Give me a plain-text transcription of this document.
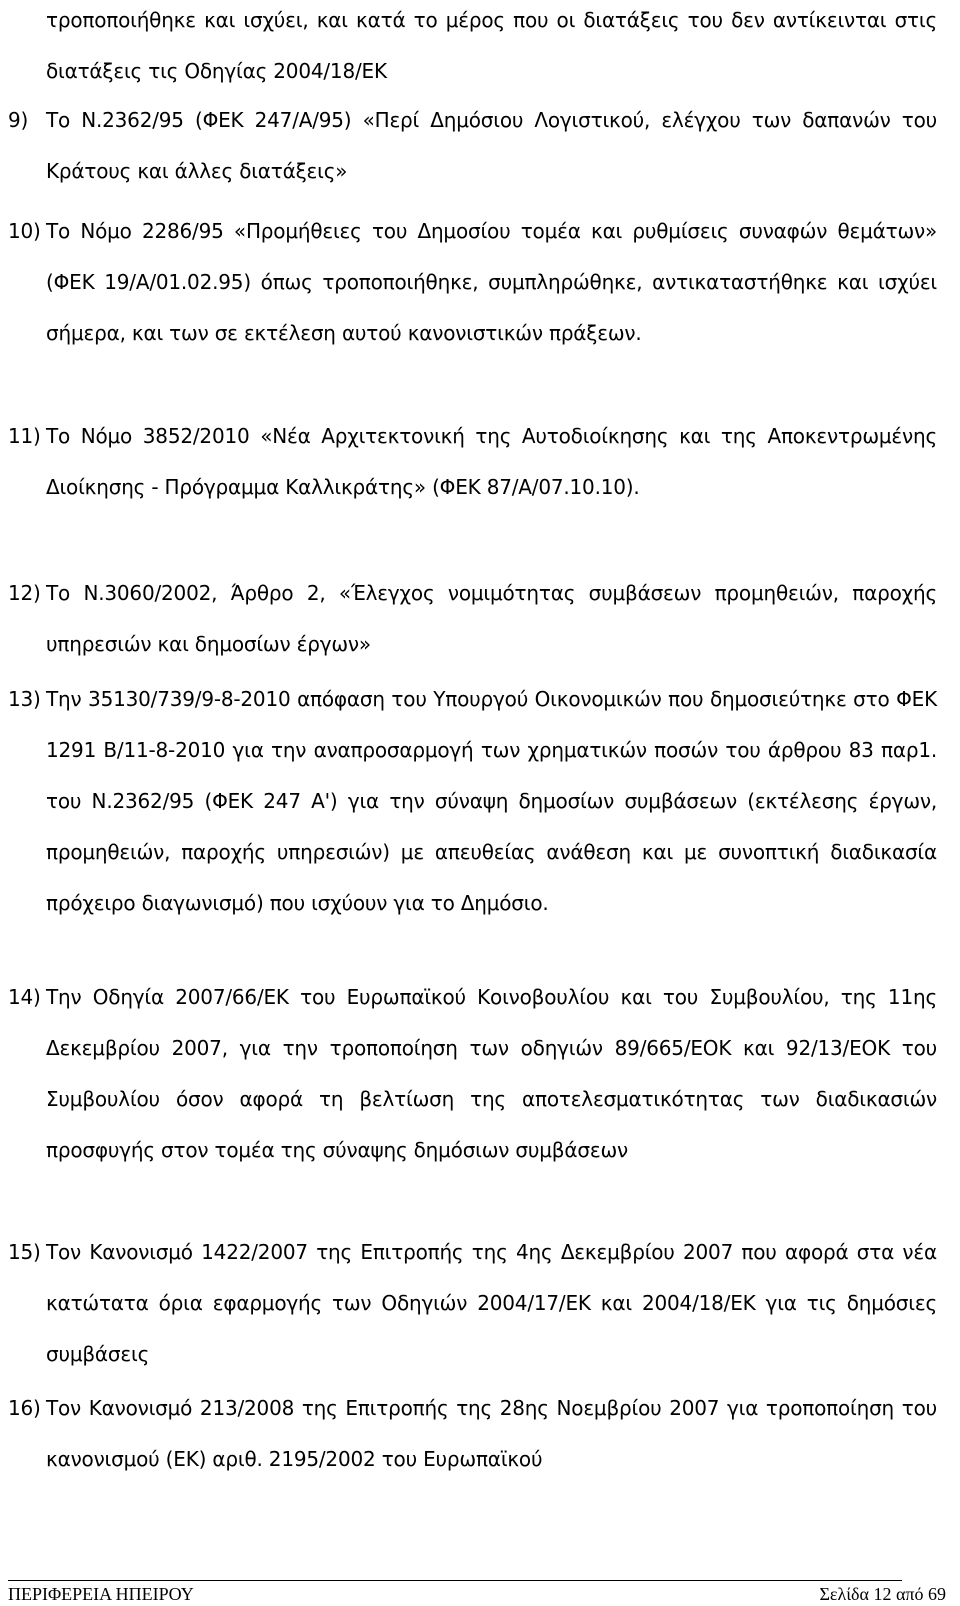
τροποποιήθηκε και ισχύει, και κατά το μέρος που οι διατάξεις του δεν αντίκεινται στις διατάξεις τις Οδηγίας 2004/18/ΕΚ
9) Το Ν.2362/95 (ΦΕΚ 247/Α/95) «Περί Δημόσιου Λογιστικού, ελέγχου των δαπανών του Κράτους και άλλες διατάξεις»
10) Το Νόμο 2286/95 «Προμήθειες του Δημοσίου τομέα και ρυθμίσεις συναφών θεμάτων» (ΦΕΚ 19/Α/01.02.95) όπως τροποποιήθηκε, συμπληρώθηκε, αντικαταστήθηκε και ισχύει σήμερα, και των σε εκτέλεση αυτού κανονιστικών πράξεων.
11) Το Νόμο 3852/2010 «Νέα Αρχιτεκτονική της Αυτοδιοίκησης και της Αποκεντρωμένης Διοίκησης - Πρόγραμμα Καλλικράτης» (ΦΕΚ 87/Α/07.10.10).
12) Το Ν.3060/2002, Άρθρο 2, «Έλεγχος νομιμότητας συμβάσεων προμηθειών, παροχής υπηρεσιών και δημοσίων έργων»
13) Την 35130/739/9-8-2010 απόφαση του Υπουργού Οικονομικών που δημοσιεύτηκε στο ΦΕΚ 1291 Β/11-8-2010 για την αναπροσαρμογή των χρηματικών ποσών του άρθρου 83 παρ1. του Ν.2362/95 (ΦΕΚ 247 Α') για την σύναψη δημοσίων συμβάσεων (εκτέλεσης έργων, προμηθειών, παροχής υπηρεσιών) με απευθείας ανάθεση και με συνοπτική διαδικασία πρόχειρο διαγωνισμό) που ισχύουν για το Δημόσιο.
14) Την Οδηγία 2007/66/ΕΚ του Ευρωπαϊκού Κοινοβουλίου και του Συμβουλίου, της 11ης Δεκεμβρίου 2007, για την τροποποίηση των οδηγιών 89/665/ΕΟΚ και 92/13/ΕΟΚ του Συμβουλίου όσον αφορά τη βελτίωση της αποτελεσματικότητας των διαδικασιών προσφυγής στον τομέα της σύναψης δημόσιων συμβάσεων
15) Τον Κανονισμό 1422/2007 της Επιτροπής της 4ης Δεκεμβρίου 2007 που αφορά στα νέα κατώτατα όρια εφαρμογής των Οδηγιών 2004/17/ΕΚ και 2004/18/ΕΚ για τις δημόσιες συμβάσεις
16) Τον Κανονισμό 213/2008 της Επιτροπής της 28ης Νοεμβρίου 2007 για τροποποίηση του κανονισμού (ΕΚ) αριθ. 2195/2002 του Ευρωπαϊκού
ΠΕΡΙΦΕΡΕΙΑ ΗΠΕΙΡΟΥ	Σελίδα 12 από 69
